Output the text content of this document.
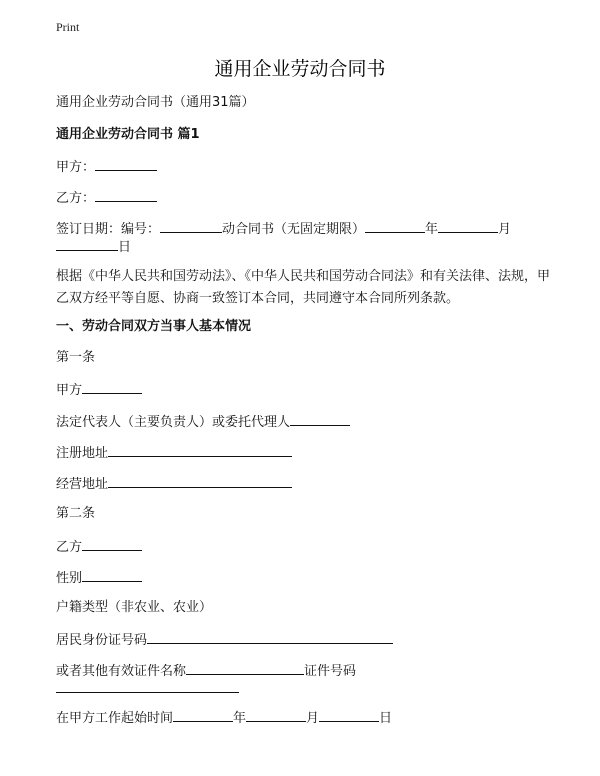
Print
通用企业劳动合同书
通用企业劳动合同书（通用31篇）
通用企业劳动合同书 篇1
甲方：
乙方：
签订日期：编号：	动合同书（无固定期限）	年	月
日
根据《中华人民共和国劳动法》、《中华人民共和国劳动合同法》和有关法律、法规，甲乙双方经平等自愿、协商一致签订本合同，共同遵守本合同所列条款。
一、劳动合同双方当事人基本情况
第一条
甲方
法定代表人（主要负责人）或委托代理人
注册地址
经营地址
第二条
乙方
性别
户籍类型（非农业、农业）
居民身份证号码
或者其他有效证件名称	证件号码
在甲方工作起始时间	年	月	日
